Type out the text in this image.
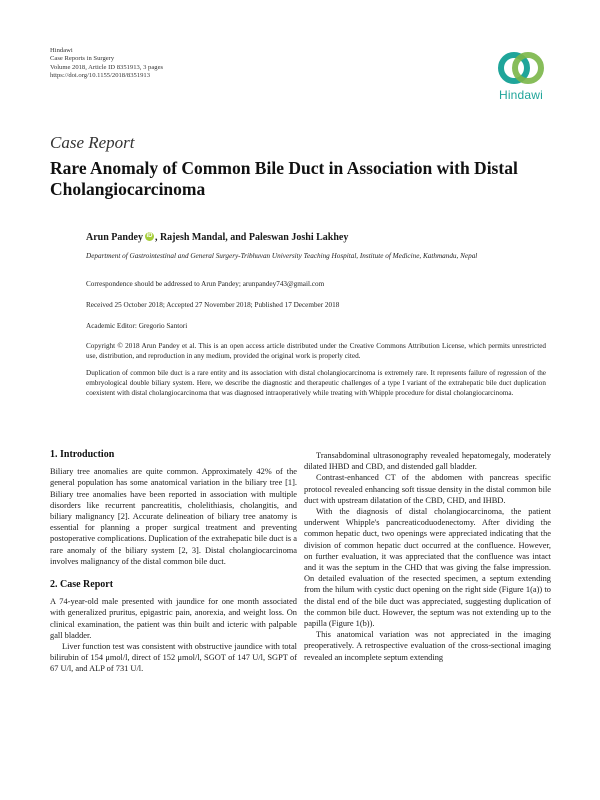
Hindawi
Case Reports in Surgery
Volume 2018, Article ID 8351913, 3 pages
https://doi.org/10.1155/2018/8351913
Hindawi
Case Report
Rare Anomaly of Common Bile Duct in Association with Distal Cholangiocarcinoma
Arun Pandey iD , Rajesh Mandal, and Paleswan Joshi Lakhey
Department of Gastrointestinal and General Surgery-Tribhuvan University Teaching Hospital, Institute of Medicine, Kathmandu, Nepal
Correspondence should be addressed to Arun Pandey; arunpandey743@gmail.com
Received 25 October 2018; Accepted 27 November 2018; Published 17 December 2018
Academic Editor: Gregorio Santori
Copyright © 2018 Arun Pandey et al. This is an open access article distributed under the Creative Commons Attribution License, which permits unrestricted use, distribution, and reproduction in any medium, provided the original work is properly cited.
Duplication of common bile duct is a rare entity and its association with distal cholangiocarcinoma is extremely rare. It represents failure of regression of the embryological double biliary system. Here, we describe the diagnostic and therapeutic challenges of a type I variant of the extrahepatic bile duct duplication coexistent with distal cholangiocarcinoma that was diagnosed intraoperatively while treating with Whipple procedure for distal cholangiocarcinoma.

1. Introduction

Biliary tree anomalies are quite common. Approximately 42% of the general population has some anatomical variation in the biliary tree [1]. Biliary tree anomalies have been reported in association with multiple disorders like recurrent pancreatitis, cholelithiasis, cholangitis, and biliary malignancy [2]. Accurate delineation of biliary tree anatomy is essential for planning a proper surgical treatment and preventing postoperative complications. Duplication of the extrahepatic bile duct is a rare anomaly of the biliary system [2, 3]. Distal cholangiocarcinoma involves malignancy of the distal common bile duct.

2. Case Report

A 74-year-old male presented with jaundice for one month associated with generalized pruritus, epigastric pain, anorexia, and weight loss. On clinical examination, the patient was thin built and icteric with palpable gall bladder.

Liver function test was consistent with obstructive jaundice with total bilirubin of 154 μmol/l, direct of 152 μmol/l, SGOT of 147 U/l, SGPT of 67 U/l, and ALP of 731 U/l.

Transabdominal ultrasonography revealed hepatomegaly, moderately dilated IHBD and CBD, and distended gall bladder.

Contrast-enhanced CT of the abdomen with pancreas specific protocol revealed enhancing soft tissue density in the distal common bile duct with upstream dilatation of the CBD, CHD, and IHBD.

With the diagnosis of distal cholangiocarcinoma, the patient underwent Whipple's pancreaticoduodenectomy. After dividing the common hepatic duct, two openings were appreciated indicating that the division of common hepatic duct occurred at the confluence. However, on further evaluation, it was appreciated that the confluence was intact and it was the septum in the CHD that was giving the false impression. On detailed evaluation of the resected specimen, a septum extending from the hilum with cystic duct opening on the right side (Figure 1(a)) to the distal end of the bile duct was appreciated, suggesting duplication of the common bile duct. However, the septum was not extending up to the papilla (Figure 1(b)).

This anatomical variation was not appreciated in the imaging preoperatively. A retrospective evaluation of the cross-sectional imaging revealed an incomplete septum extending
